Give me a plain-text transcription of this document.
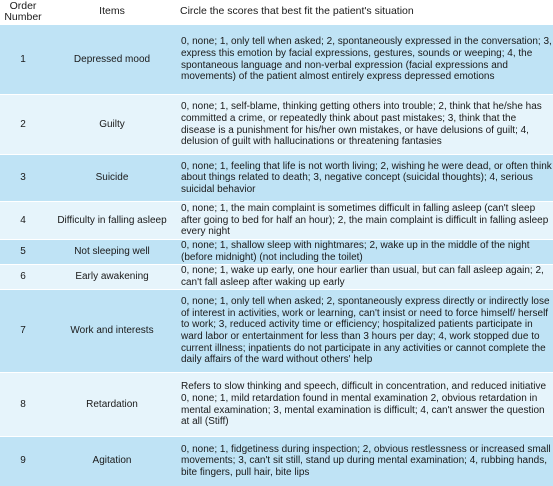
Order
Number	Items	Circle the scores that best fit the patient's situation
1	Depressed mood	0, none; 1, only tell when asked; 2, spontaneously expressed in the conversation; 3, express this emotion by facial expressions, gestures, sounds or weeping; 4, the spontaneous language and non-verbal expression (facial expressions and movements) of the patient almost entirely express depressed emotions
2	Guilty	0, none; 1, self-blame, thinking getting others into trouble; 2, think that he/she has committed a crime, or repeatedly think about past mistakes; 3, think that the disease is a punishment for his/her own mistakes, or have delusions of guilt; 4, delusion of guilt with hallucinations or threatening fantasies
3	Suicide	0, none; 1, feeling that life is not worth living; 2, wishing he were dead, or often think about things related to death; 3, negative concept (suicidal thoughts); 4, serious suicidal behavior
4	Difficulty in falling asleep	0, none; 1, the main complaint is sometimes difficult in falling asleep (can't sleep after going to bed for half an hour); 2, the main complaint is difficult in falling asleep every night
5	Not sleeping well	0, none; 1, shallow sleep with nightmares; 2, wake up in the middle of the night (before midnight) (not including the toilet)
6	Early awakening	0, none; 1, wake up early, one hour earlier than usual, but can fall asleep again; 2, can't fall asleep after waking up early
7	Work and interests	0, none; 1, only tell when asked; 2, spontaneously express directly or indirectly lose of interest in activities, work or learning, can't insist or need to force himself/ herself to work; 3, reduced activity time or efficiency; hospitalized patients participate in ward labor or entertainment for less than 3 hours per day; 4, work stopped due to current illness; inpatients do not participate in any activities or cannot complete the daily affairs of the ward without others' help
8	Retardation	Refers to slow thinking and speech, difficult in concentration, and reduced initiative
0, none; 1, mild retardation found in mental examination 2, obvious retardation in mental examination; 3, mental examination is difficult; 4, can't answer the question at all (Stiff)
9	Agitation	0, none; 1, fidgetiness during inspection; 2, obvious restlessness or increased small movements; 3, can't sit still, stand up during mental examination; 4, rubbing hands, bite fingers, pull hair, bite lips
